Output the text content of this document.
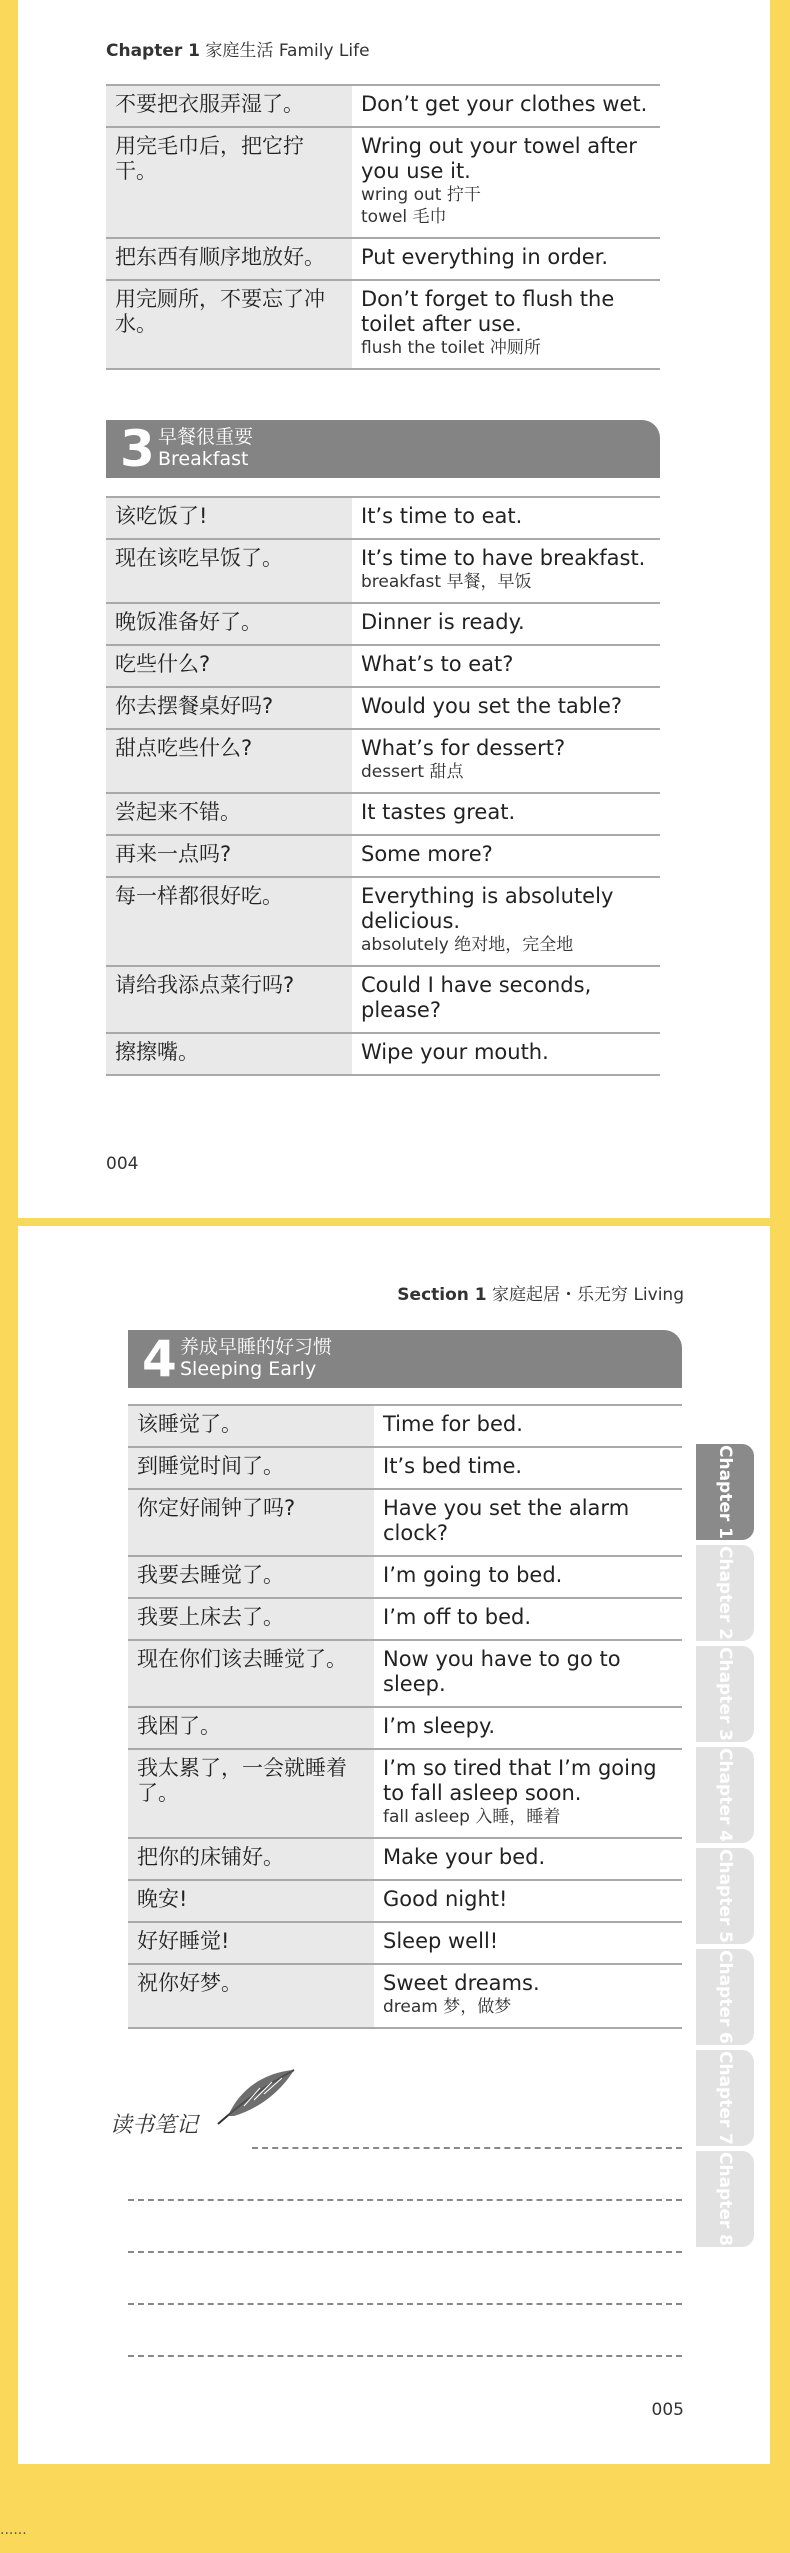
Chapter 1 家庭生活 Family Life
不要把衣服弄湿了。	Don’t get your clothes wet.
用完毛巾后，把它拧干。	Wring out your towel after you use it.
wring out 拧干
towel 毛巾

把东西有顺序地放好。	Put everything in order.
用完厕所，不要忘了冲水。	Don’t forget to flush the toilet after use.
flush the toilet 冲厕所
3 早餐很重要
Breakfast
该吃饭了!	It’s time to eat.
现在该吃早饭了。	It’s time to have breakfast.
breakfast 早餐，早饭

晚饭准备好了。	Dinner is ready.
吃些什么?	What’s to eat?
你去摆餐桌好吗?	Would you set the table?
甜点吃些什么?	What’s for dessert?
dessert 甜点

尝起来不错。	It tastes great.
再来一点吗?	Some more?
每一样都很好吃。	Everything is absolutely delicious.
absolutely 绝对地，完全地

请给我添点菜行吗?	Could I have seconds, please?
擦擦嘴。	Wipe your mouth.
004
Section 1 家庭起居・乐无穷 Living
4 养成早睡的好习惯
Sleeping Early
该睡觉了。	Time for bed.
到睡觉时间了。	It’s bed time.
你定好闹钟了吗?	Have you set the alarm clock?
我要去睡觉了。	I’m going to bed.
我要上床去了。	I’m off to bed.
现在你们该去睡觉了。	Now you have to go to sleep.
我困了。	I’m sleepy.
我太累了，一会就睡着了。	I’m so tired that I’m going to fall asleep soon.
fall asleep 入睡，睡着

把你的床铺好。	Make your bed.
晚安!	Good night!
好好睡觉!	Sleep well!
祝你好梦。	Sweet dreams.
dream 梦，做梦
005
读书笔记
Chapter 1
Chapter 2
Chapter 3
Chapter 4
Chapter 5
Chapter 6
Chapter 7
Chapter 8
......
